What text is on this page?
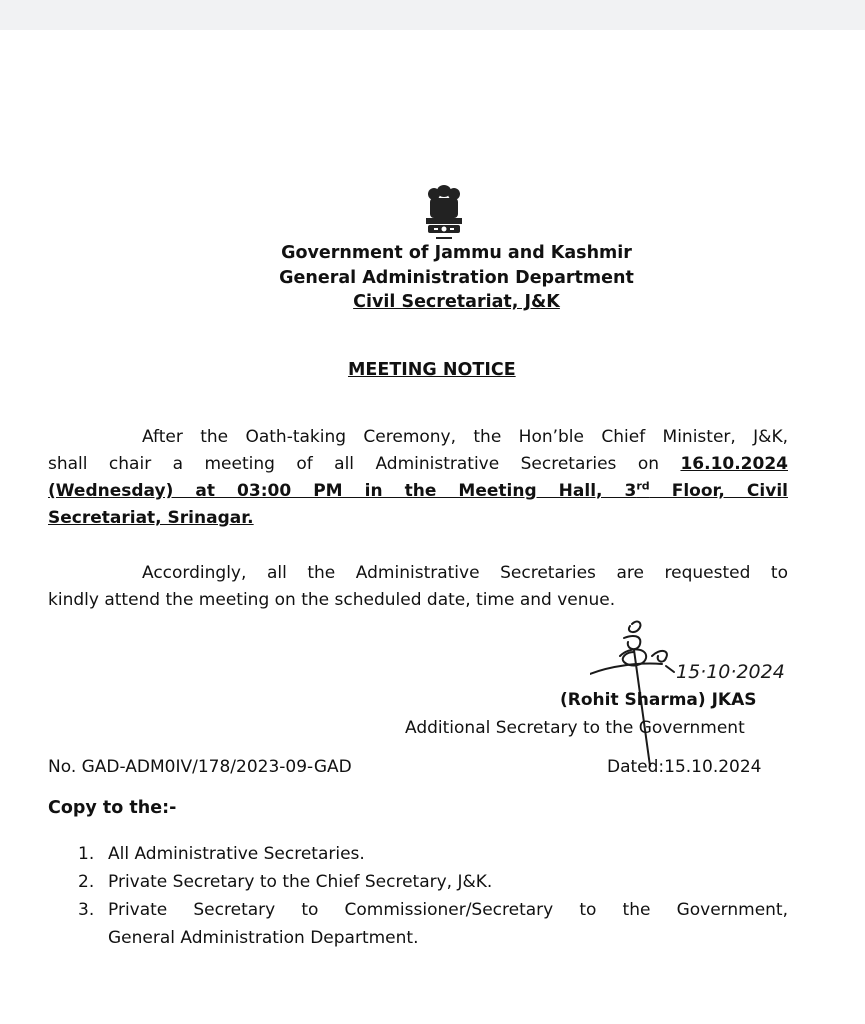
Government of Jammu and Kashmir
General Administration Department
Civil Secretariat, J&K
MEETING NOTICE
After the Oath-taking Ceremony, the Hon’ble Chief Minister, J&K,
shall chair a meeting of all Administrative Secretaries on 16.10.2024
(Wednesday) at 03:00 PM in the Meeting Hall, 3rd Floor, Civil
Secretariat, Srinagar.
Accordingly, all the Administrative Secretaries are requested to
kindly attend the meeting on the scheduled date, time and venue.
15·10·2024
(Rohit Sharma) JKAS
Additional Secretary to the Government
No. GAD-ADM0IV/178/2023-09-GAD	Dated:15.10.2024
Copy to the:-
1. All Administrative Secretaries.
2. Private Secretary to the Chief Secretary, J&K.
3. Private Secretary to Commissioner/Secretary to the Government,
General Administration Department.
